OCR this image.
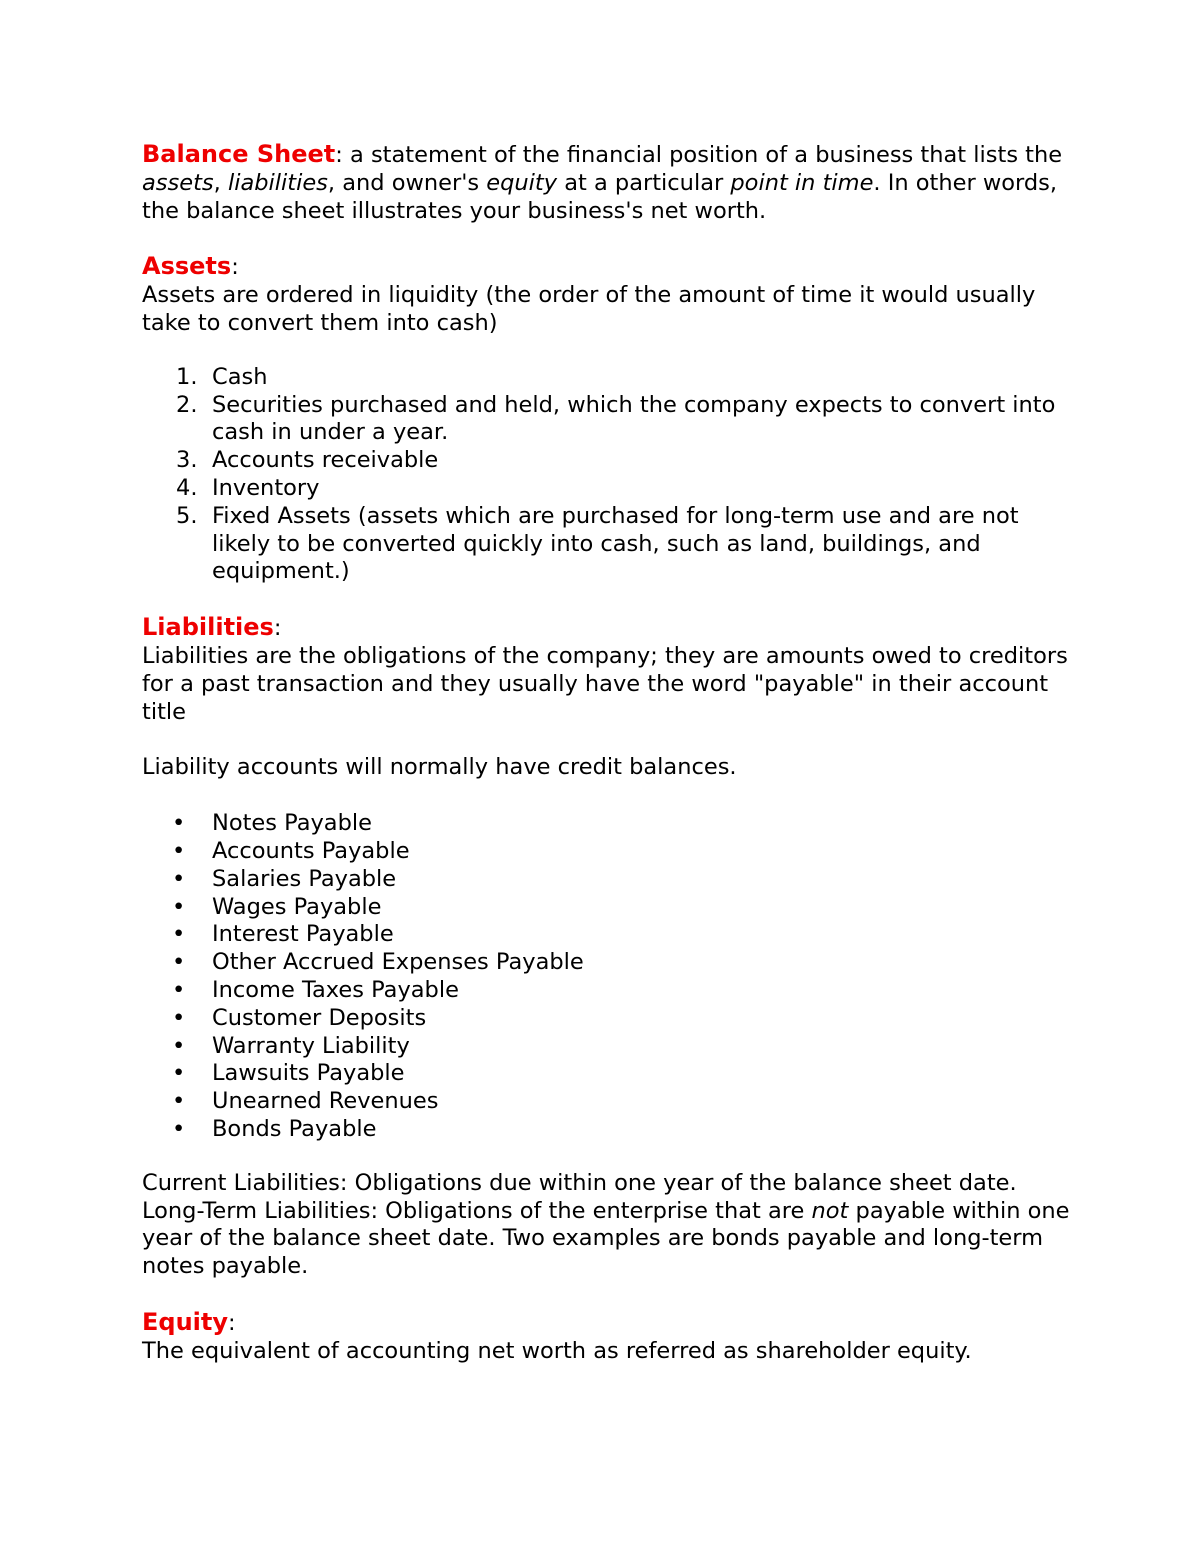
Balance Sheet: a statement of the financial position of a business that lists the assets, liabilities, and owner's equity at a particular point in time. In other words, the balance sheet illustrates your business's net worth.

Assets:

Assets are ordered in liquidity (the order of the amount of time it would usually take to convert them into cash)

1. Cash
2. Securities purchased and held, which the company expects to convert into cash in under a year.
3. Accounts receivable
4. Inventory
5. Fixed Assets (assets which are purchased for long-term use and are not likely to be converted quickly into cash, such as land, buildings, and equipment.)

Liabilities:

Liabilities are the obligations of the company; they are amounts owed to creditors for a past transaction and they usually have the word "payable" in their account title

Liability accounts will normally have credit balances.

• Notes Payable
• Accounts Payable
• Salaries Payable
• Wages Payable
• Interest Payable
• Other Accrued Expenses Payable
• Income Taxes Payable
• Customer Deposits
• Warranty Liability
• Lawsuits Payable
• Unearned Revenues
• Bonds Payable

Current Liabilities: Obligations due within one year of the balance sheet date.

Long-Term Liabilities: Obligations of the enterprise that are not payable within one year of the balance sheet date. Two examples are bonds payable and long-term notes payable.

Equity:

The equivalent of accounting net worth as referred as shareholder equity.
